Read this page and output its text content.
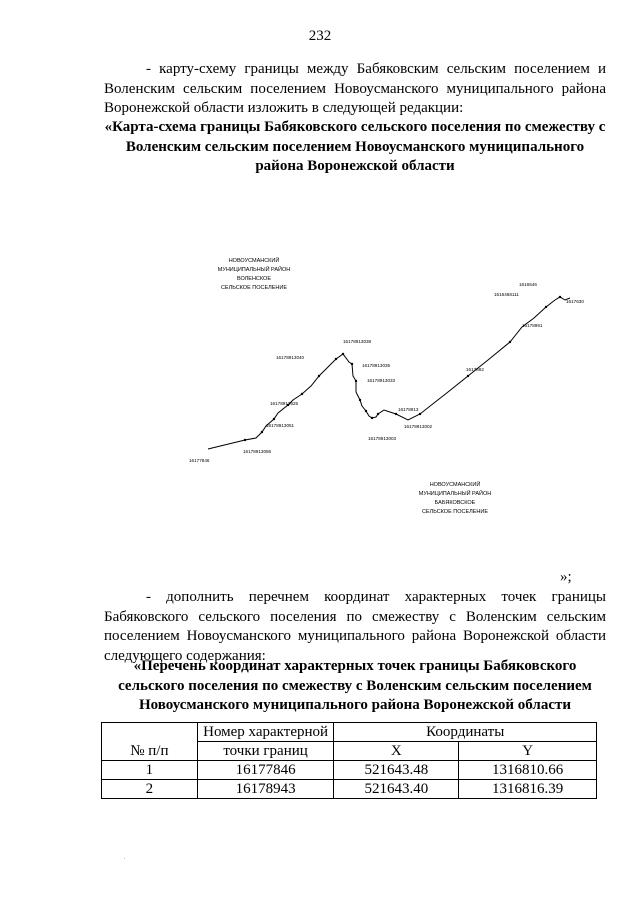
232
- карту-схему границы между Бабяковским сельским поселением и Воленским сельским поселением Новоусманского муниципального района Воронежской области изложить в следующей редакции:
«Карта-схема границы Бабяковского сельского поселения по смежеству с Воленским сельским поселением Новоусманского муниципального района Воронежской области
НОВОУСМАНСКИЙ
МУНИЦИПАЛЬНЫЙ РАЙОН
ВОЛЕНСКОЕ
СЕЛЬСКОЕ ПОСЕЛЕНИЕ
НОВОУСМАНСКИЙ
МУНИЦИПАЛЬНЫЙ РАЙОН
БАБЯКОВСКОЕ
СЕЛЬСКОЕ ПОСЕЛЕНИЕ
16177846
16178913056
16178913051
16178913625
16178913040
16178913038
16178913035
16178913033
16178913003
16178913
16178913002
1617892
16178991
1617630
1616468111
1616546
»;
- дополнить перечнем координат характерных точек границы Бабяковского сельского поселения по смежеству с Воленским сельским поселением Новоусманского муниципального района Воронежской области следующего содержания:
«Перечень координат характерных точек границы Бабяковского сельского поселения по смежеству с Воленским сельским поселением Новоусманского муниципального района Воронежской области
№ п/п	Номер характерной	Координаты	
	точки границ	X	Y
1	16177846	521643.48	1316810.66
2	16178943	521643.40	1316816.39
